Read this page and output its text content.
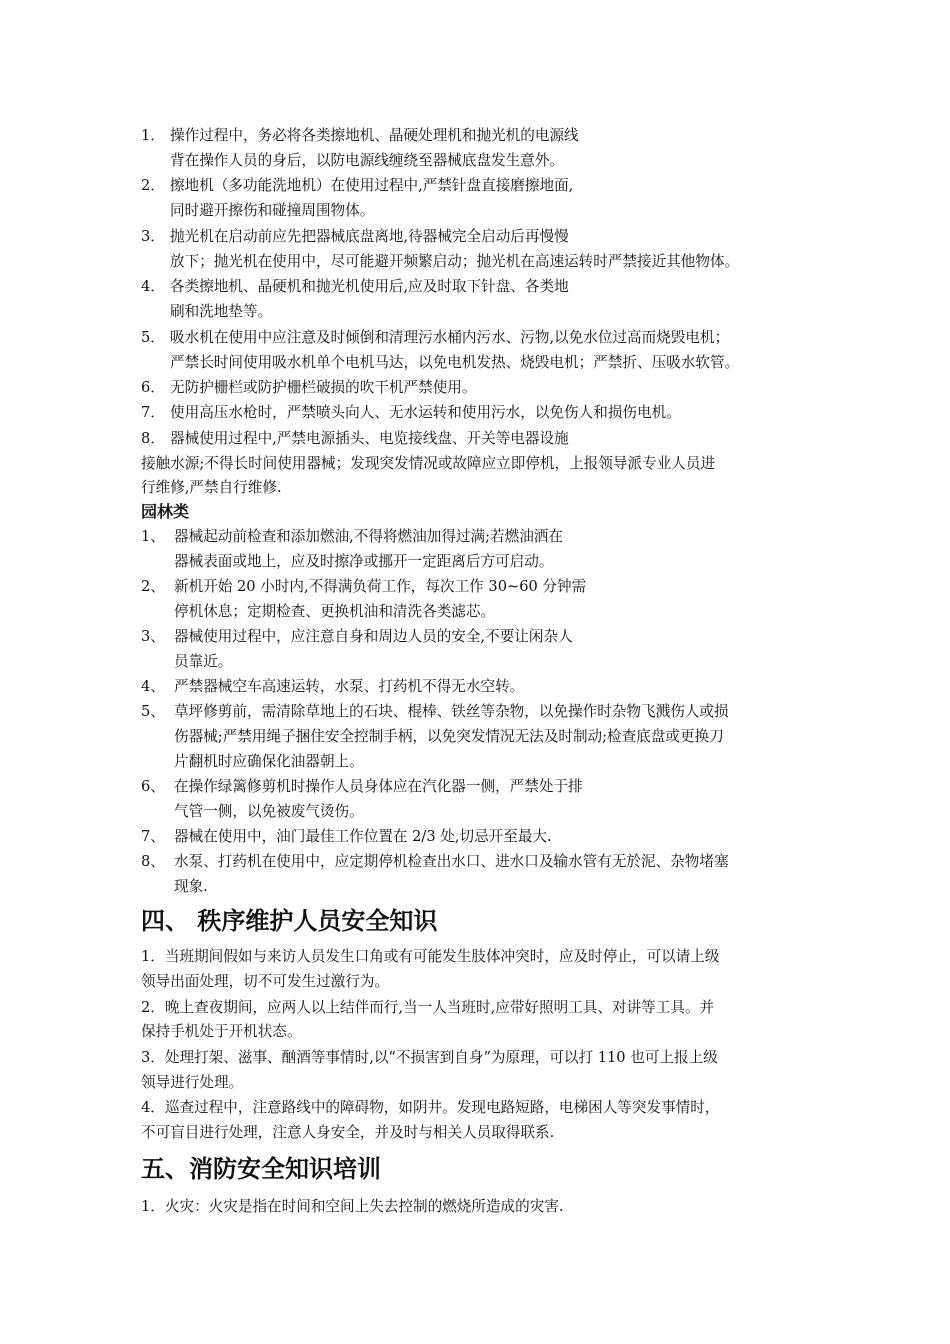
1． 操作过程中，务必将各类擦地机、晶硬处理机和抛光机的电源线
背在操作人员的身后，以防电源线缠绕至器械底盘发生意外。
2． 擦地机（多功能洗地机）在使用过程中,严禁针盘直接磨擦地面,
同时避开擦伤和碰撞周围物体。
3． 抛光机在启动前应先把器械底盘离地,待器械完全启动后再慢慢
放下；抛光机在使用中，尽可能避开频繁启动；抛光机在高速运转时严禁接近其他物体。
4． 各类擦地机、晶硬机和抛光机使用后,应及时取下针盘、各类地
刷和洗地垫等。
5． 吸水机在使用中应注意及时倾倒和清理污水桶内污水、污物,以免水位过高而烧毁电机；
严禁长时间使用吸水机单个电机马达，以免电机发热、烧毁电机；严禁折、压吸水软管。
6． 无防护栅栏或防护栅栏破损的吹干机严禁使用。
7． 使用高压水枪时，严禁喷头向人、无水运转和使用污水，以免伤人和损伤电机。
8． 器械使用过程中,严禁电源插头、电览接线盘、开关等电器设施
接触水源;不得长时间使用器械；发现突发情况或故障应立即停机，上报领导派专业人员进
行维修,严禁自行维修.
园林类
1、 器械起动前检查和添加燃油,不得将燃油加得过满;若燃油洒在
器械表面或地上，应及时擦净或挪开一定距离后方可启动。
2、 新机开始 20 小时内,不得满负荷工作，每次工作 30~60 分钟需
停机休息；定期检查、更换机油和清洗各类滤芯。
3、 器械使用过程中，应注意自身和周边人员的安全,不要让闲杂人
员靠近。
4、 严禁器械空车高速运转，水泵、打药机不得无水空转。
5、 草坪修剪前，需清除草地上的石块、棍棒、铁丝等杂物，以免操作时杂物飞溅伤人或损
伤器械;严禁用绳子捆住安全控制手柄，以免突发情况无法及时制动;检查底盘或更换刀
片翻机时应确保化油器朝上。
6、 在操作绿篱修剪机时操作人员身体应在汽化器一侧，严禁处于排
气管一侧，以免被废气烫伤。
7、 器械在使用中，油门最佳工作位置在 2/3 处,切忌开至最大.
8、 水泵、打药机在使用中，应定期停机检查出水口、进水口及输水管有无於泥、杂物堵塞
现象.
四、 秩序维护人员安全知识
1．当班期间假如与来访人员发生口角或有可能发生肢体冲突时，应及时停止，可以请上级
领导出面处理，切不可发生过激行为。
2．晚上查夜期间，应两人以上结伴而行,当一人当班时,应带好照明工具、对讲等工具。并
保持手机处于开机状态。
3．处理打架、滋事、酗酒等事情时,以“不损害到自身”为原理，可以打 110 也可上报上级
领导进行处理。
4．巡查过程中，注意路线中的障碍物，如阴井。发现电路短路，电梯困人等突发事情时，
不可盲目进行处理，注意人身安全，并及时与相关人员取得联系.
五、消防安全知识培训
1．火灾：火灾是指在时间和空间上失去控制的燃烧所造成的灾害.
